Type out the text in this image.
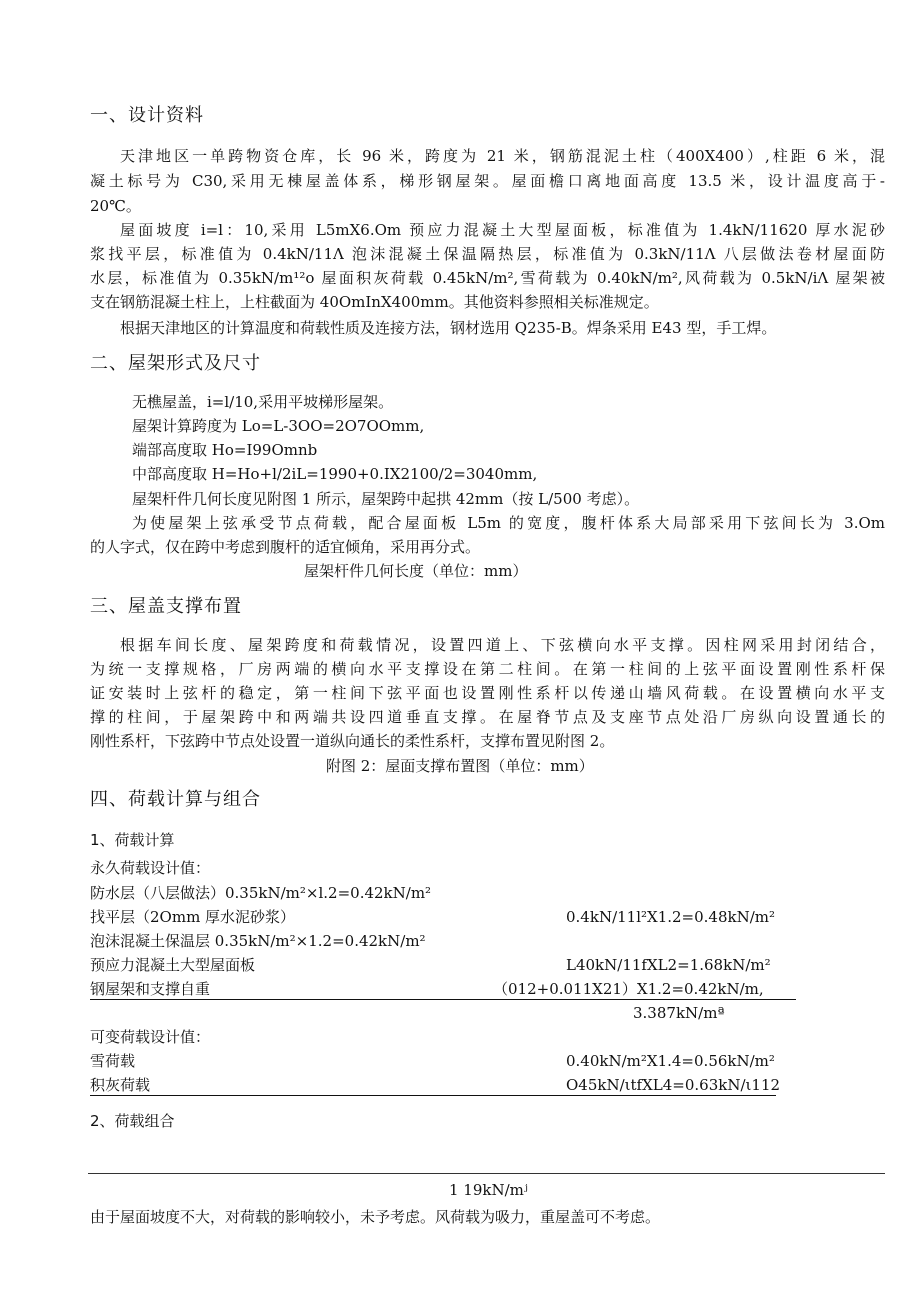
一、设计资料
天津地区一单跨物资仓库，长 96 米，跨度为 21 米，钢筋混泥土柱（400X400）,柱距 6 米，混
凝土标号为 C30,采用无棟屋盖体系，梯形钢屋架。屋面檐口离地面高度 13.5 米，设计温度高于-
20℃。
屋面坡度 i=l：10,采用 L5mX6.Om 预应力混凝土大型屋面板，标准值为 1.4kN∕11620 厚水泥砂
浆找平层，标准值为 0.4kN∕11Λ 泡沫混凝土保温隔热层，标准值为 0.3kN∕11Λ 八层做法卷材屋面防
水层，标准值为 0.35kN∕m¹²o 屋面积灰荷载 0.45kN∕m²,雪荷载为 0.40kN∕m²,风荷载为 0.5kN∕iΛ 屋架被
支在钢筋混凝土柱上，上柱截面为 40OmInX400mm。其他资料参照相关标准规定。
根据天津地区的计算温度和荷载性质及连接方法，钢材选用 Q235-B。焊条采用 E43 型，手工焊。
二、屋架形式及尺寸
无樵屋盖，i=l∕10,采用平坡梯形屋架。
屋架计算跨度为 Lo=L-3OO=2O7OOmm,
端部高度取 Ho=I99Omnb
中部高度取 H=Ho+l∕2iL=1990+0.IX2100∕2=3040mm,
屋架杆件几何长度见附图 1 所示，屋架跨中起拱 42mm（按 L/500 考虑）。
为使屋架上弦承受节点荷载，配合屋面板 L5m 的宽度，腹杆体系大局部采用下弦间长为 3.Om
的人字式，仅在跨中考虑到腹杆的适宜倾角，采用再分式。
屋架杆件几何长度（单位：mm）
三、屋盖支撑布置
根据车间长度、屋架跨度和荷载情况，设置四道上、下弦横向水平支撑。因柱网采用封闭结合，
为统一支撑规格，厂房两端的横向水平支撑设在第二柱间。在第一柱间的上弦平面设置刚性系杆保
证安装时上弦杆的稳定，第一柱间下弦平面也设置刚性系杆以传递山墙风荷载。在设置横向水平支
撑的柱间，于屋架跨中和两端共设四道垂直支撑。在屋脊节点及支座节点处沿厂房纵向设置通长的
刚性系杆，下弦跨中节点处设置一道纵向通长的柔性系杆，支撑布置见附图 2。
附图 2：屋面支撑布置图（单位：mm）
四、荷载计算与组合
1、荷载计算
永久荷载设计值：
防水层（八层做法）0.35kN∕m²×l.2=0.42kN∕m²
找平层（2Omm 厚水泥砂浆）	0.4kN∕11l²X1.2=0.48kN∕m²
泡沫混凝土保温层 0.35kN∕m²×1.2=0.42kN∕m²
预应力混凝土大型屋面板	L40kN∕11fXL2=1.68kN∕m²
钢屋架和支撑自重	（012+0.011X21）X1.2=0.42kN/m,
3.387kN∕mª
可变荷载设计值：
雪荷载	0.40kN∕m²X1.4=0.56kN∕m²
积灰荷载	O45kN∕ιtfXL4=0.63kN∕ι112
2、荷载组合
1 19kN∕mʲ
由于屋面坡度不大，对荷载的影响较小，未予考虑。风荷载为吸力，重屋盖可不考虑。
